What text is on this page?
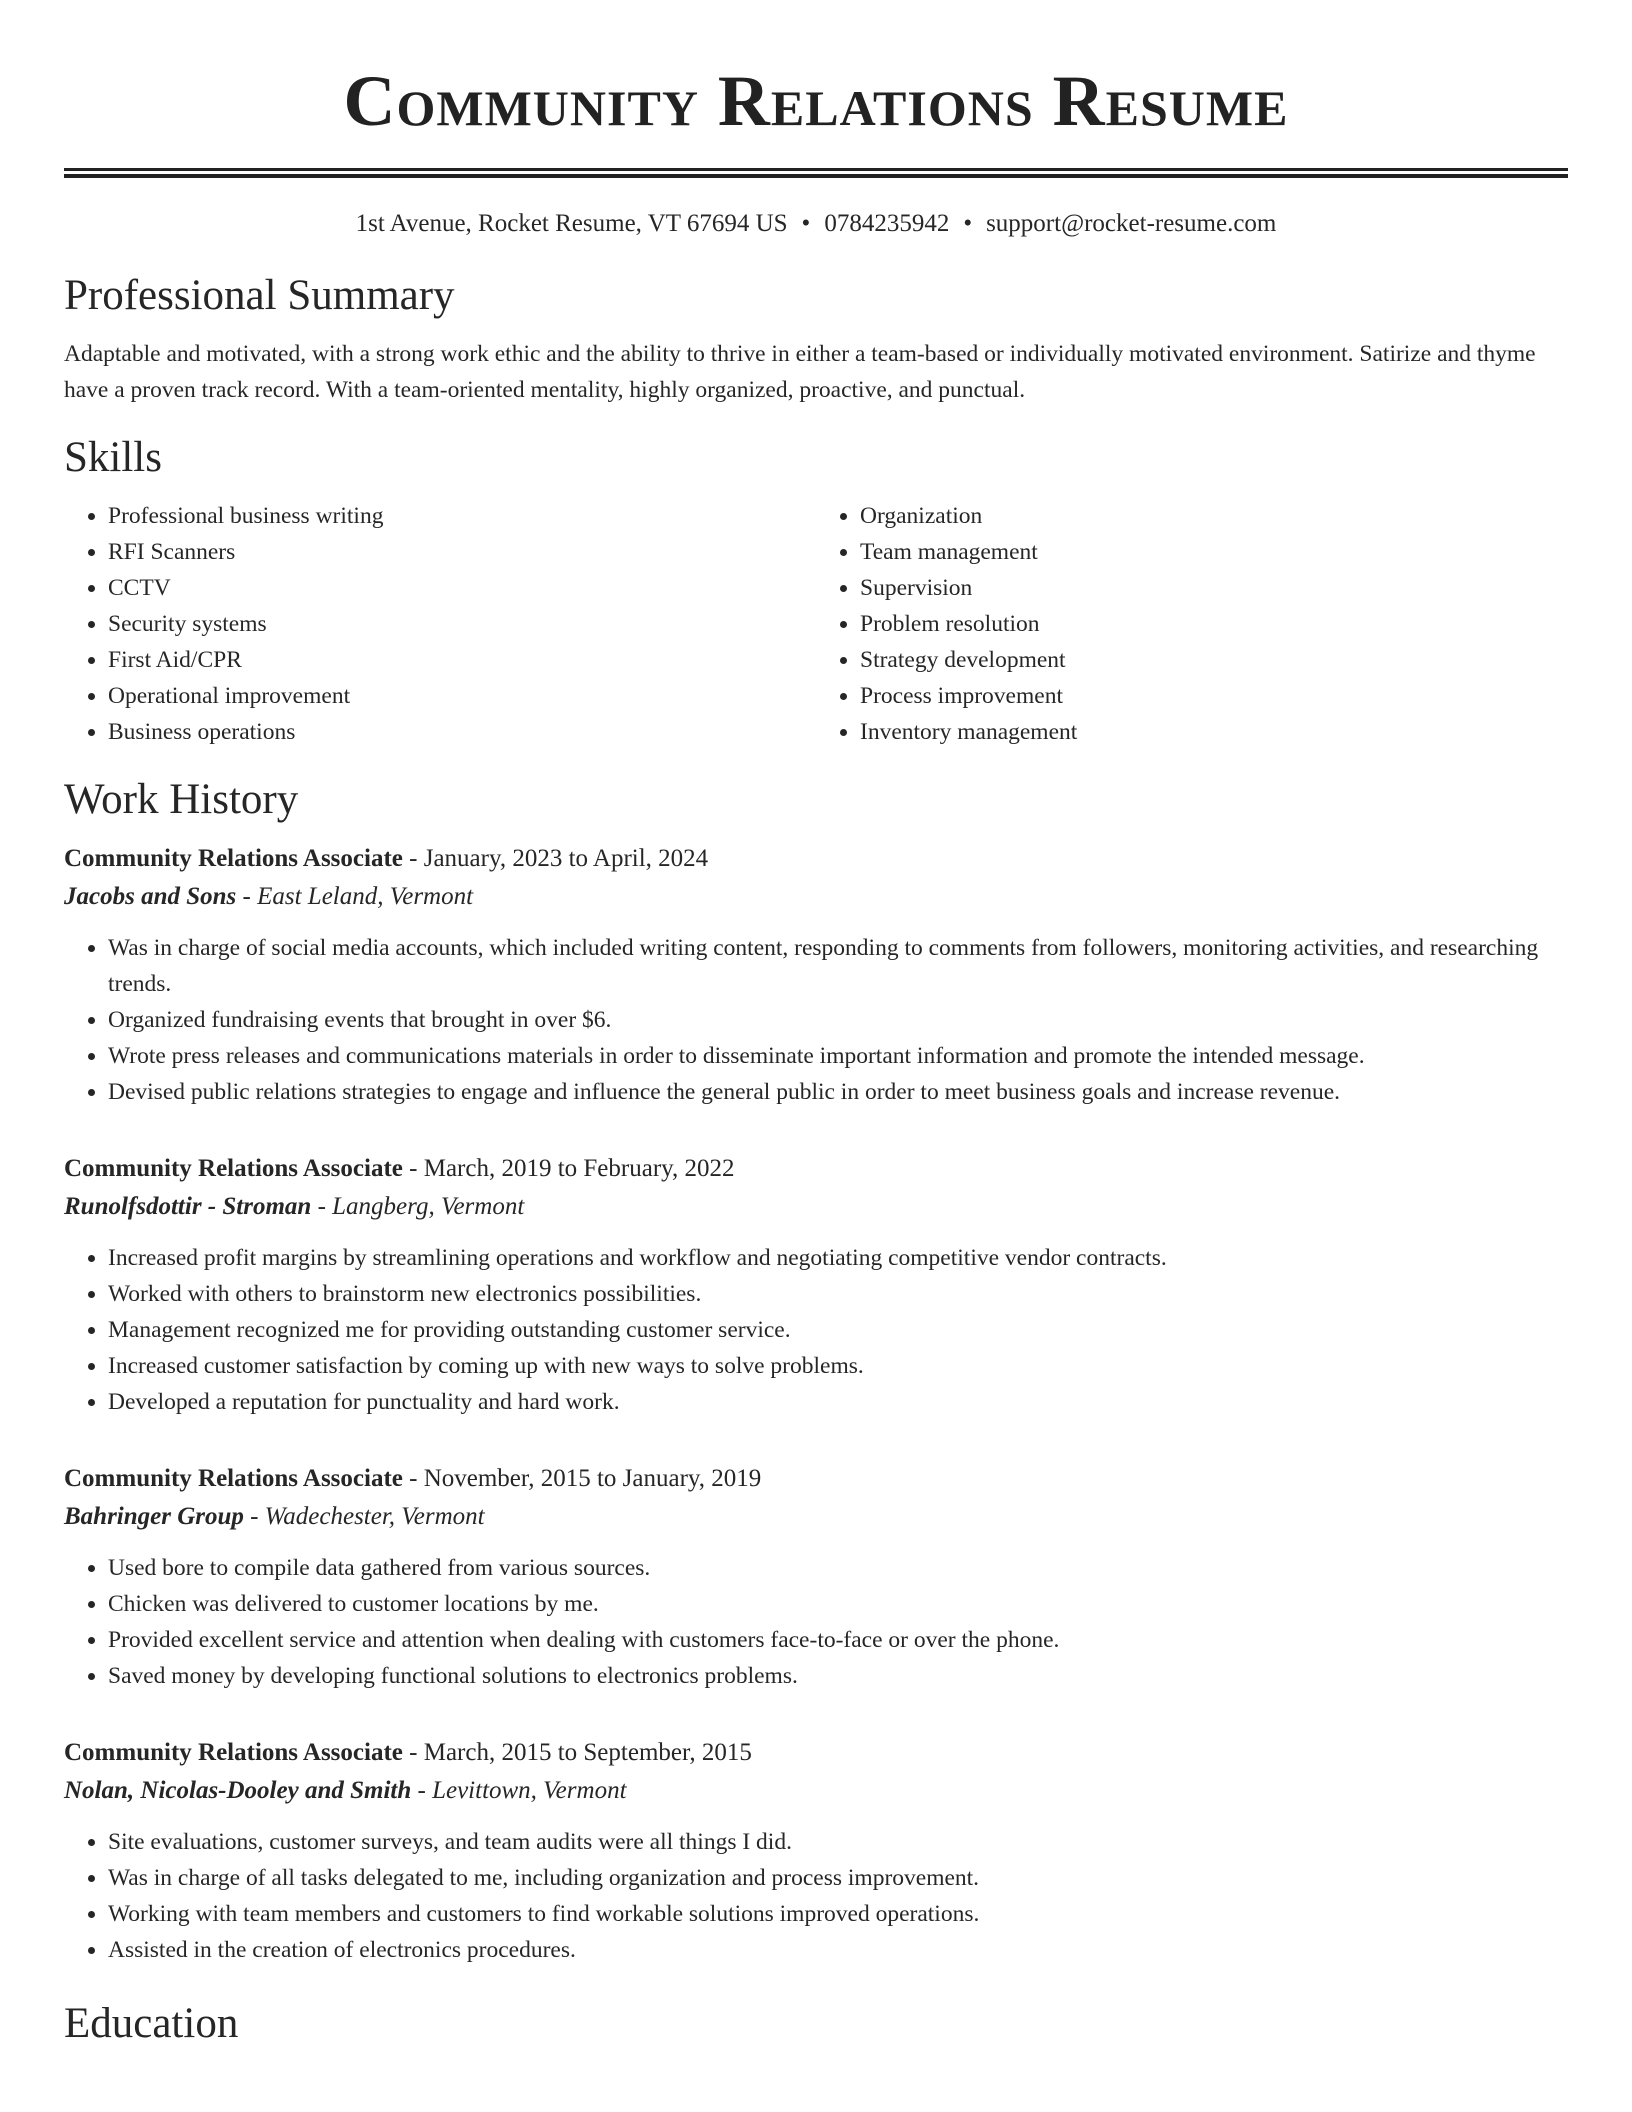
Community Relations Resume
1st Avenue, Rocket Resume, VT 67694 US • 0784235942 • support@rocket-resume.com
Professional Summary

Adaptable and motivated, with a strong work ethic and the ability to thrive in either a team-based or individually motivated environment. Satirize and thyme have a proven track record. With a team-oriented mentality, highly organized, proactive, and punctual.

Skills
• Professional business writing
• RFI Scanners
• CCTV
• Security systems
• First Aid/CPR
• Operational improvement
• Business operations
• Organization
• Team management
• Supervision
• Problem resolution
• Strategy development
• Process improvement
• Inventory management
Work History
Community Relations Associate - January, 2023 to April, 2024
Jacobs and Sons - East Leland, Vermont
• Was in charge of social media accounts, which included writing content, responding to comments from followers, monitoring activities, and researching trends.
• Organized fundraising events that brought in over $6.
• Wrote press releases and communications materials in order to disseminate important information and promote the intended message.
• Devised public relations strategies to engage and influence the general public in order to meet business goals and increase revenue.
Community Relations Associate - March, 2019 to February, 2022
Runolfsdottir - Stroman - Langberg, Vermont
• Increased profit margins by streamlining operations and workflow and negotiating competitive vendor contracts.
• Worked with others to brainstorm new electronics possibilities.
• Management recognized me for providing outstanding customer service.
• Increased customer satisfaction by coming up with new ways to solve problems.
• Developed a reputation for punctuality and hard work.
Community Relations Associate - November, 2015 to January, 2019
Bahringer Group - Wadechester, Vermont
• Used bore to compile data gathered from various sources.
• Chicken was delivered to customer locations by me.
• Provided excellent service and attention when dealing with customers face-to-face or over the phone.
• Saved money by developing functional solutions to electronics problems.
Community Relations Associate - March, 2015 to September, 2015
Nolan, Nicolas-Dooley and Smith - Levittown, Vermont
• Site evaluations, customer surveys, and team audits were all things I did.
• Was in charge of all tasks delegated to me, including organization and process improvement.
• Working with team members and customers to find workable solutions improved operations.
• Assisted in the creation of electronics procedures.
Education
